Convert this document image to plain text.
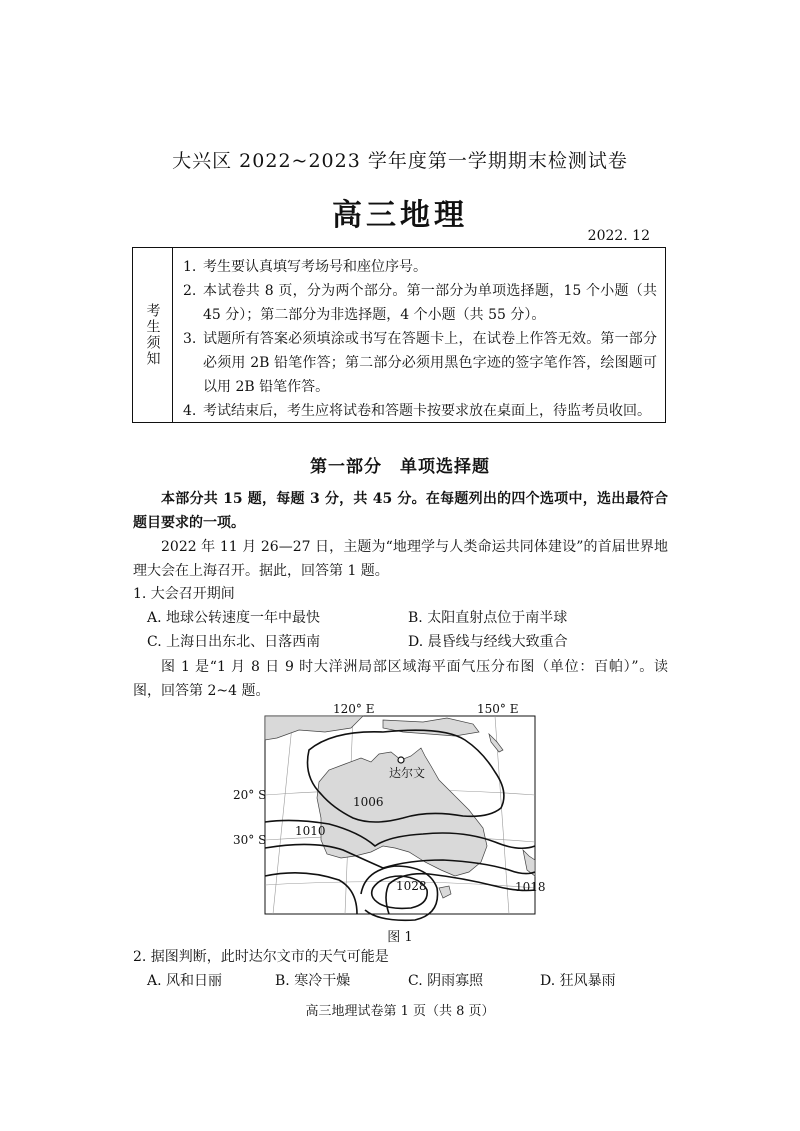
大兴区 2022~2023 学年度第一学期期末检测试卷
高三地理
2022. 12
考生须知
1. 考生要认真填写考场号和座位序号。
2. 本试卷共 8 页，分为两个部分。第一部分为单项选择题，15 个小题（共 45 分）；第二部分为非选择题，4 个小题（共 55 分）。
3. 试题所有答案必须填涂或书写在答题卡上，在试卷上作答无效。第一部分必须用 2B 铅笔作答；第二部分必须用黑色字迹的签字笔作答，绘图题可以用 2B 铅笔作答。
4. 考试结束后，考生应将试卷和答题卡按要求放在桌面上，待监考员收回。
第一部分　单项选择题
本部分共 15 题，每题 3 分，共 45 分。在每题列出的四个选项中，选出最符合题目要求的一项。
2022 年 11 月 26—27 日，主题为“地理学与人类命运共同体建设”的首届世界地理大会在上海召开。据此，回答第 1 题。
1. 大会召开期间
A. 地球公转速度一年中最快	B. 太阳直射点位于南半球
C. 上海日出东北、日落西南	D. 晨昏线与经线大致重合
图 1 是“1 月 8 日 9 时大洋洲局部区域海平面气压分布图（单位：百帕）”。读图，回答第 2~4 题。
120° E	150° E
20° S
30° S
达尔文
1006
1010
1028	1018
图 1
2. 据图判断，此时达尔文市的天气可能是
A. 风和日丽	B. 寒冷干燥	C. 阴雨寡照	D. 狂风暴雨
高三地理试卷第 1 页（共 8 页）
